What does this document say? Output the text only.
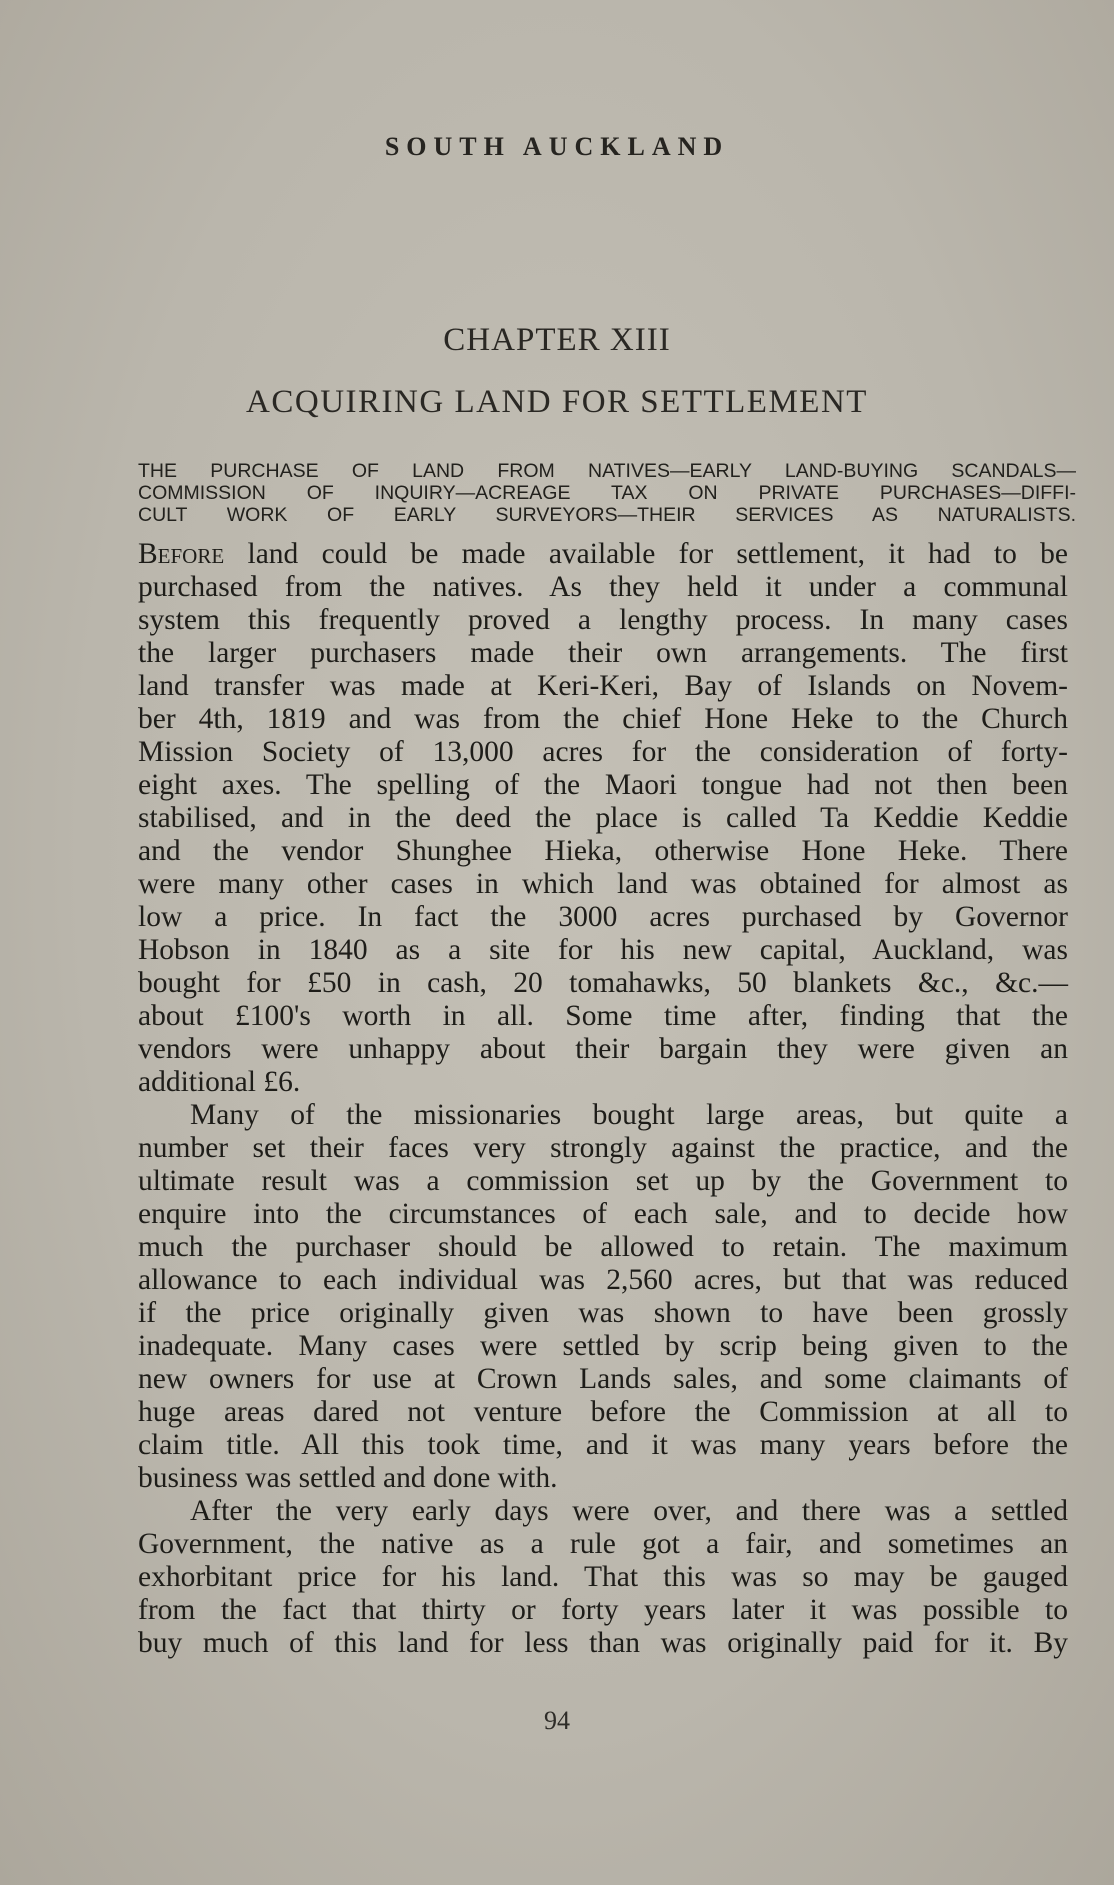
SOUTH AUCKLAND
CHAPTER XIII
ACQUIRING LAND FOR SETTLEMENT
THE PURCHASE OF LAND FROM NATIVES—EARLY LAND-BUYING SCANDALS—
COMMISSION OF INQUIRY—ACREAGE TAX ON PRIVATE PURCHASES—DIFFI-
CULT WORK OF EARLY SURVEYORS—THEIR SERVICES AS NATURALISTS.
Before land could be made available for settlement, it had to be
purchased from the natives. As they held it under a communal
system this frequently proved a lengthy process. In many cases
the larger purchasers made their own arrangements. The first
land transfer was made at Keri-Keri, Bay of Islands on Novem-
ber 4th, 1819 and was from the chief Hone Heke to the Church
Mission Society of 13,000 acres for the consideration of forty-
eight axes. The spelling of the Maori tongue had not then been
stabilised, and in the deed the place is called Ta Keddie Keddie
and the vendor Shunghee Hieka, otherwise Hone Heke. There
were many other cases in which land was obtained for almost as
low a price. In fact the 3000 acres purchased by Governor
Hobson in 1840 as a site for his new capital, Auckland, was
bought for £50 in cash, 20 tomahawks, 50 blankets &c., &c.—
about £100's worth in all. Some time after, finding that the
vendors were unhappy about their bargain they were given an
additional £6.
Many of the missionaries bought large areas, but quite a
number set their faces very strongly against the practice, and the
ultimate result was a commission set up by the Government to
enquire into the circumstances of each sale, and to decide how
much the purchaser should be allowed to retain. The maximum
allowance to each individual was 2,560 acres, but that was reduced
if the price originally given was shown to have been grossly
inadequate. Many cases were settled by scrip being given to the
new owners for use at Crown Lands sales, and some claimants of
huge areas dared not venture before the Commission at all to
claim title. All this took time, and it was many years before the
business was settled and done with.
After the very early days were over, and there was a settled
Government, the native as a rule got a fair, and sometimes an
exhorbitant price for his land. That this was so may be gauged
from the fact that thirty or forty years later it was possible to
buy much of this land for less than was originally paid for it. By
94
